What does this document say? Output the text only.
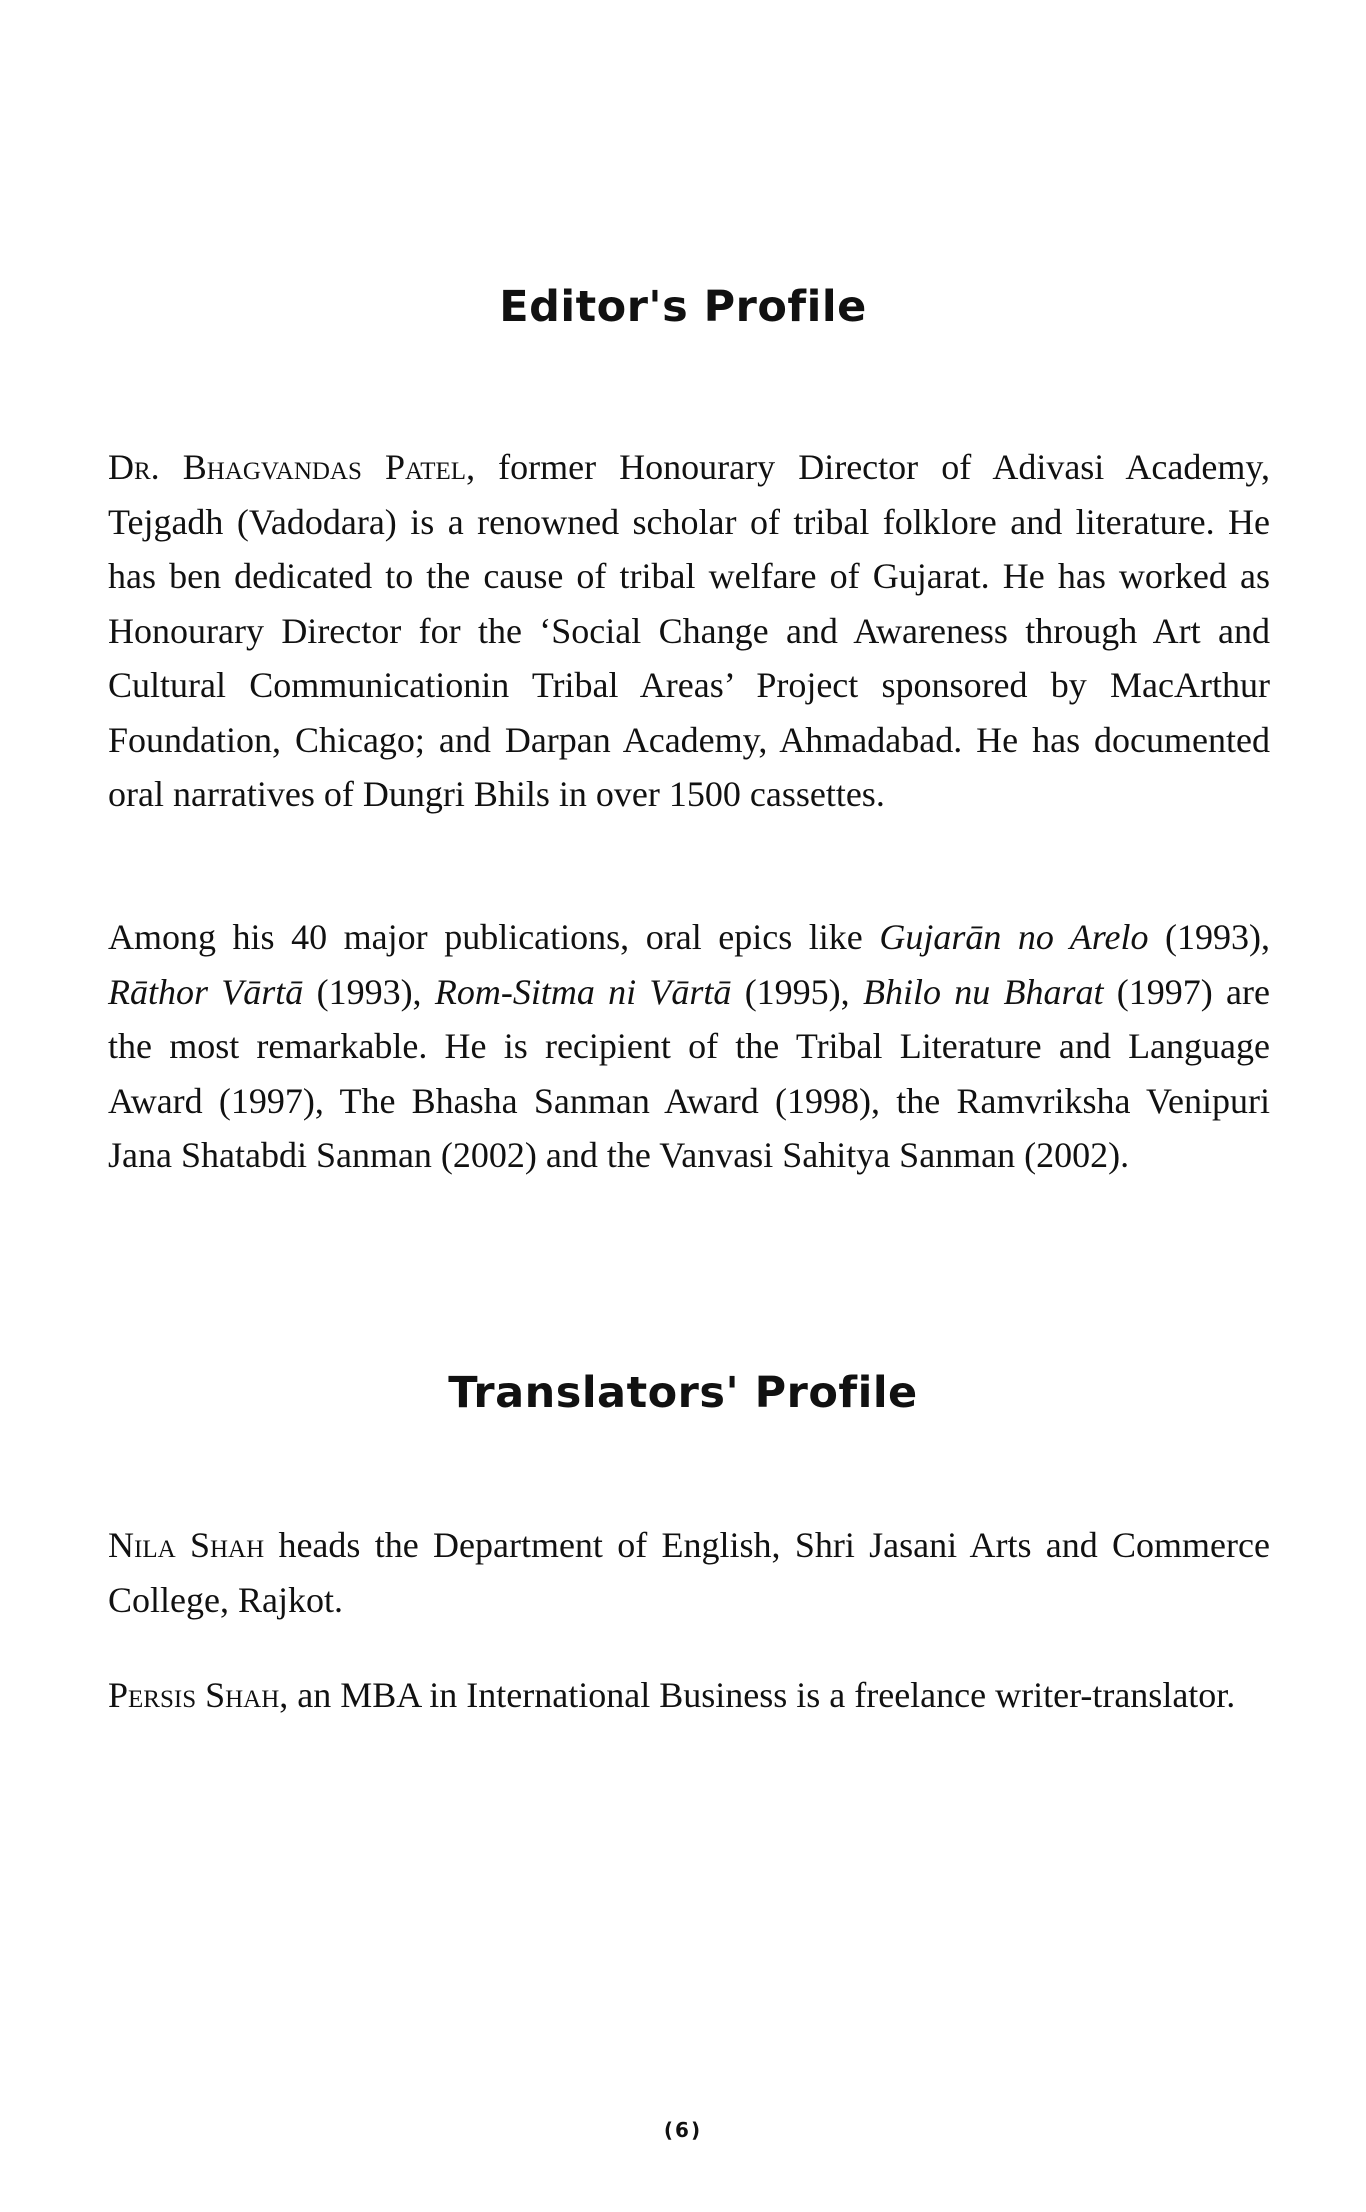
Editor's Profile

Dr. Bhagvandas Patel, former Honourary Director of Adivasi Academy, Tejgadh (Vadodara) is a renowned scholar of tribal folklore and literature. He has ben dedicated to the cause of tribal welfare of Gujarat. He has worked as Honourary Director for the ‘Social Change and Awareness through Art and Cultural Communicationin Tribal Areas’ Project sponsored by MacArthur Foundation, Chicago; and Darpan Academy, Ahmadabad. He has documented oral narratives of Dungri Bhils in over 1500 cassettes.

Among his 40 major publications, oral epics like Gujarān no Arelo (1993), Rāthor Vārtā (1993), Rom-Sitma ni Vārtā (1995), Bhilo nu Bharat (1997) are the most remarkable. He is recipient of the Tribal Literature and Language Award (1997), The Bhasha Sanman Award (1998), the Ramvriksha Venipuri Jana Shatabdi Sanman (2002) and the Vanvasi Sahitya Sanman (2002).

Translators' Profile

Nila Shah heads the Department of English, Shri Jasani Arts and Commerce College, Rajkot.

Persis Shah, an MBA in International Business is a freelance writer-translator.

(6)
